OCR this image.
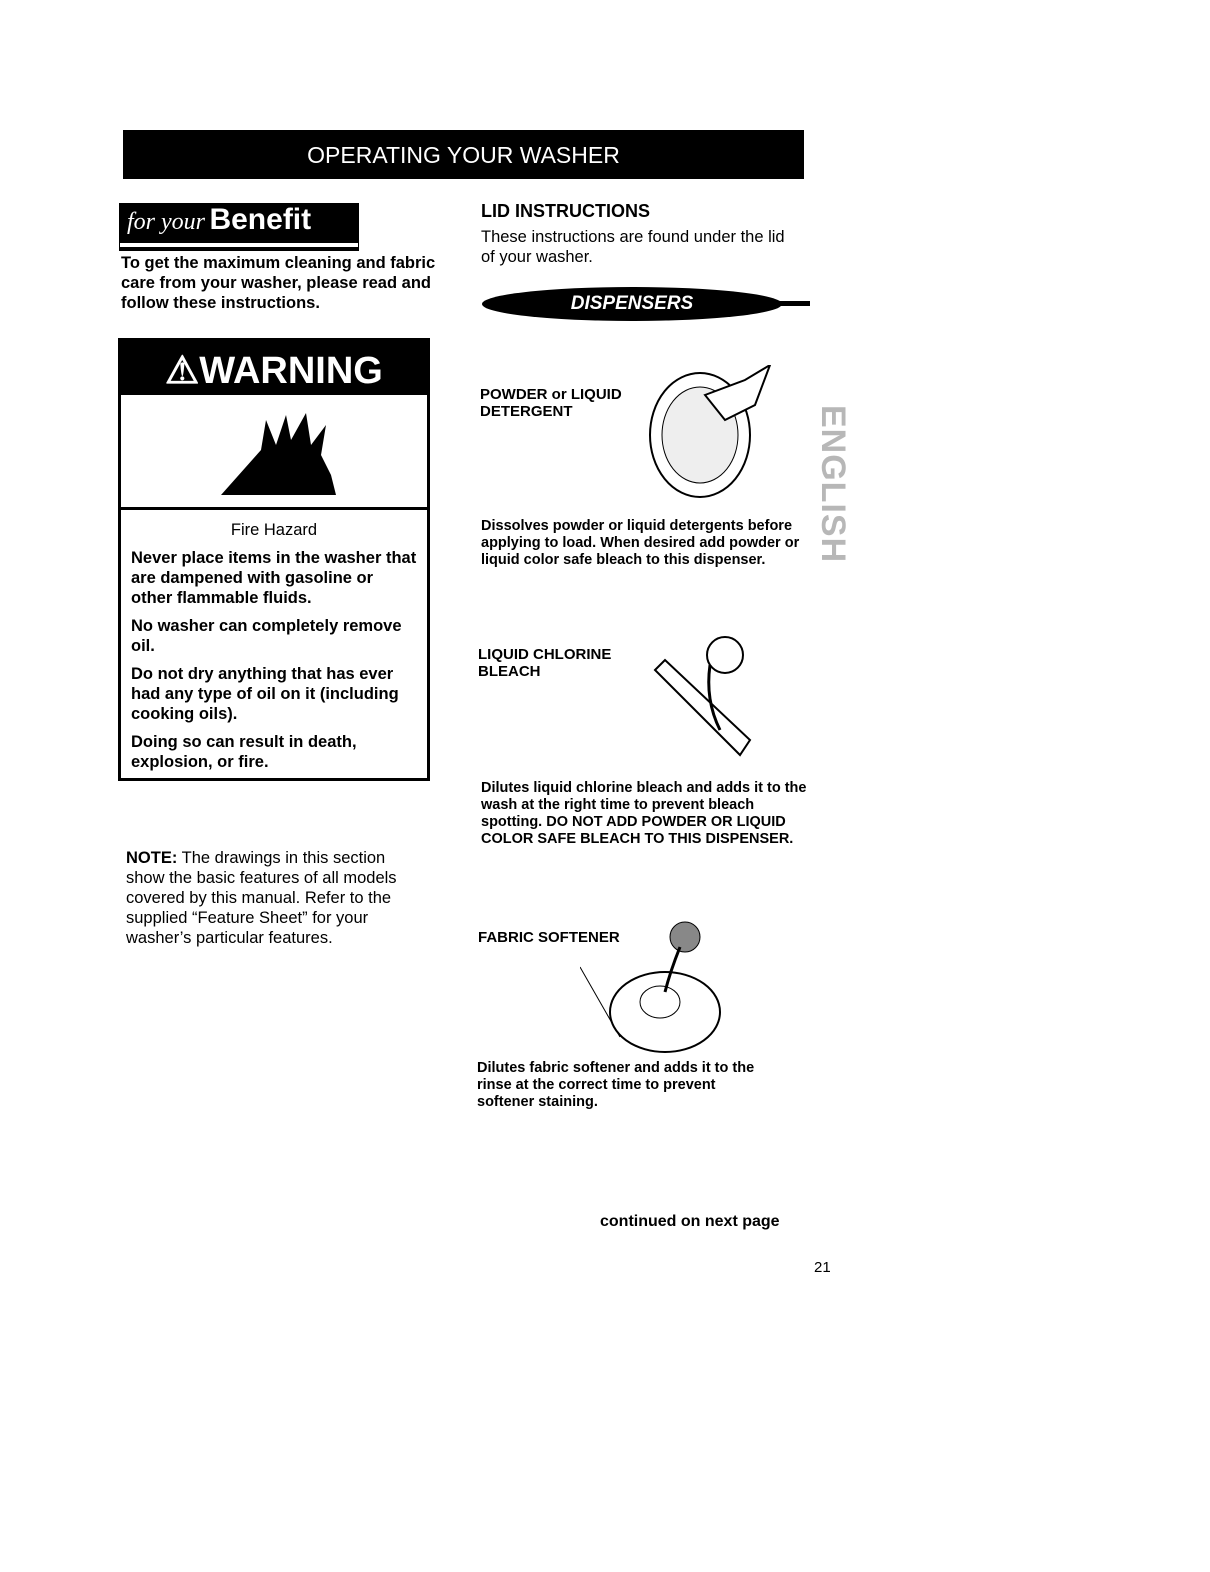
OPERATING YOUR WASHER
for your Benefit
To get the maximum cleaning and fabric care from your washer, please read and follow these instructions.
⚠WARNING

Fire Hazard

Never place items in the washer that are dampened with gasoline or other flammable fluids.

No washer can completely remove oil.

Do not dry anything that has ever had any type of oil on it (including cooking oils).

Doing so can result in death, explosion, or fire.

NOTE: The drawings in this section show the basic features of all models covered by this manual. Refer to the supplied “Feature Sheet” for your washer’s particular features.
LID INSTRUCTIONS
These instructions are found under the lid of your washer.
DISPENSERS
POWDER or LIQUID DETERGENT
Dissolves powder or liquid detergents before applying to load. When desired add powder or liquid color safe bleach to this dispenser.
LIQUID CHLORINE BLEACH
Dilutes liquid chlorine bleach and adds it to the wash at the right time to prevent bleach spotting. DO NOT ADD POWDER OR LIQUID COLOR SAFE BLEACH TO THIS DISPENSER.
FABRIC SOFTENER
Dilutes fabric softener and adds it to the rinse at the correct time to prevent softener staining.
ENGLISH
continued on next page
21
